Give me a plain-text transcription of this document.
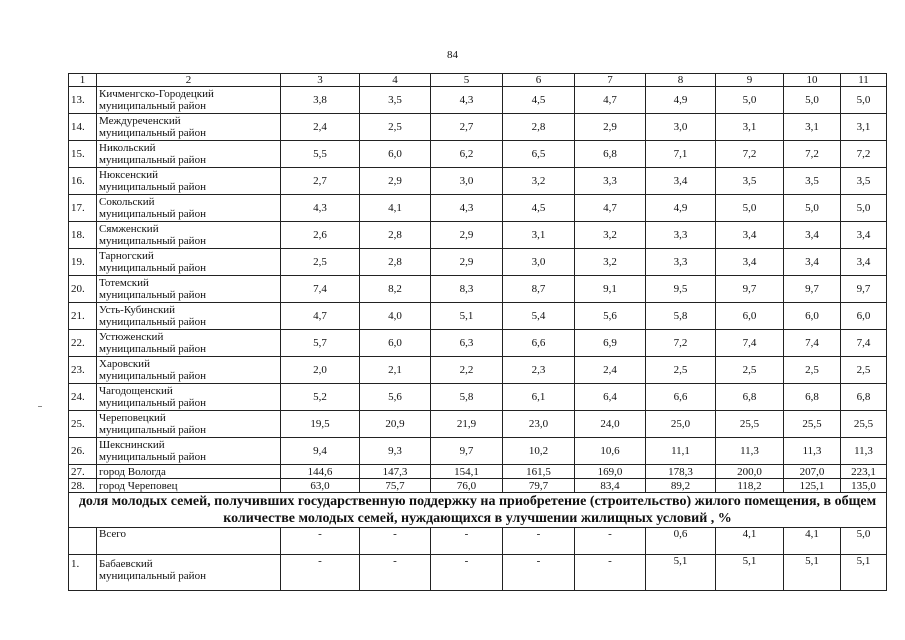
84
1	2	3	4	5	6	7	8	9	10	11
13.	Кичменгско-Городецкий
муниципальный район	3,8	3,5	4,3	4,5	4,7	4,9	5,0	5,0	5,0
14.	Междуреченский
муниципальный район	2,4	2,5	2,7	2,8	2,9	3,0	3,1	3,1	3,1
15.	Никольский
муниципальный район	5,5	6,0	6,2	6,5	6,8	7,1	7,2	7,2	7,2
16.	Нюксенский
муниципальный район	2,7	2,9	3,0	3,2	3,3	3,4	3,5	3,5	3,5
17.	Сокольский
муниципальный район	4,3	4,1	4,3	4,5	4,7	4,9	5,0	5,0	5,0
18.	Сямженский
муниципальный район	2,6	2,8	2,9	3,1	3,2	3,3	3,4	3,4	3,4
19.	Тарногский
муниципальный район	2,5	2,8	2,9	3,0	3,2	3,3	3,4	3,4	3,4
20.	Тотемский
муниципальный район	7,4	8,2	8,3	8,7	9,1	9,5	9,7	9,7	9,7
21.	Усть-Кубинский
муниципальный район	4,7	4,0	5,1	5,4	5,6	5,8	6,0	6,0	6,0
22.	Устюженский
муниципальный район	5,7	6,0	6,3	6,6	6,9	7,2	7,4	7,4	7,4
23.	Харовский
муниципальный район	2,0	2,1	2,2	2,3	2,4	2,5	2,5	2,5	2,5
24.	Чагодощенский
муниципальный район	5,2	5,6	5,8	6,1	6,4	6,6	6,8	6,8	6,8
25.	Череповецкий
муниципальный район	19,5	20,9	21,9	23,0	24,0	25,0	25,5	25,5	25,5
26.	Шекснинский
муниципальный район	9,4	9,3	9,7	10,2	10,6	11,1	11,3	11,3	11,3
27.	город Вологда	144,6	147,3	154,1	161,5	169,0	178,3	200,0	207,0	223,1
28.	город Череповец	63,0	75,7	76,0	79,7	83,4	89,2	118,2	125,1	135,0
доля молодых семей, получивших государственную поддержку на приобретение (строительство) жилого помещения, в общем количестве молодых семей, нуждающихся в улучшении жилищных условий , %										

	Всего	-	-	-	-	-	0,6	4,1	4,1	5,0
1.	Бабаевский
муниципальный район	-	-	-	-	-	5,1	5,1	5,1	5,1
